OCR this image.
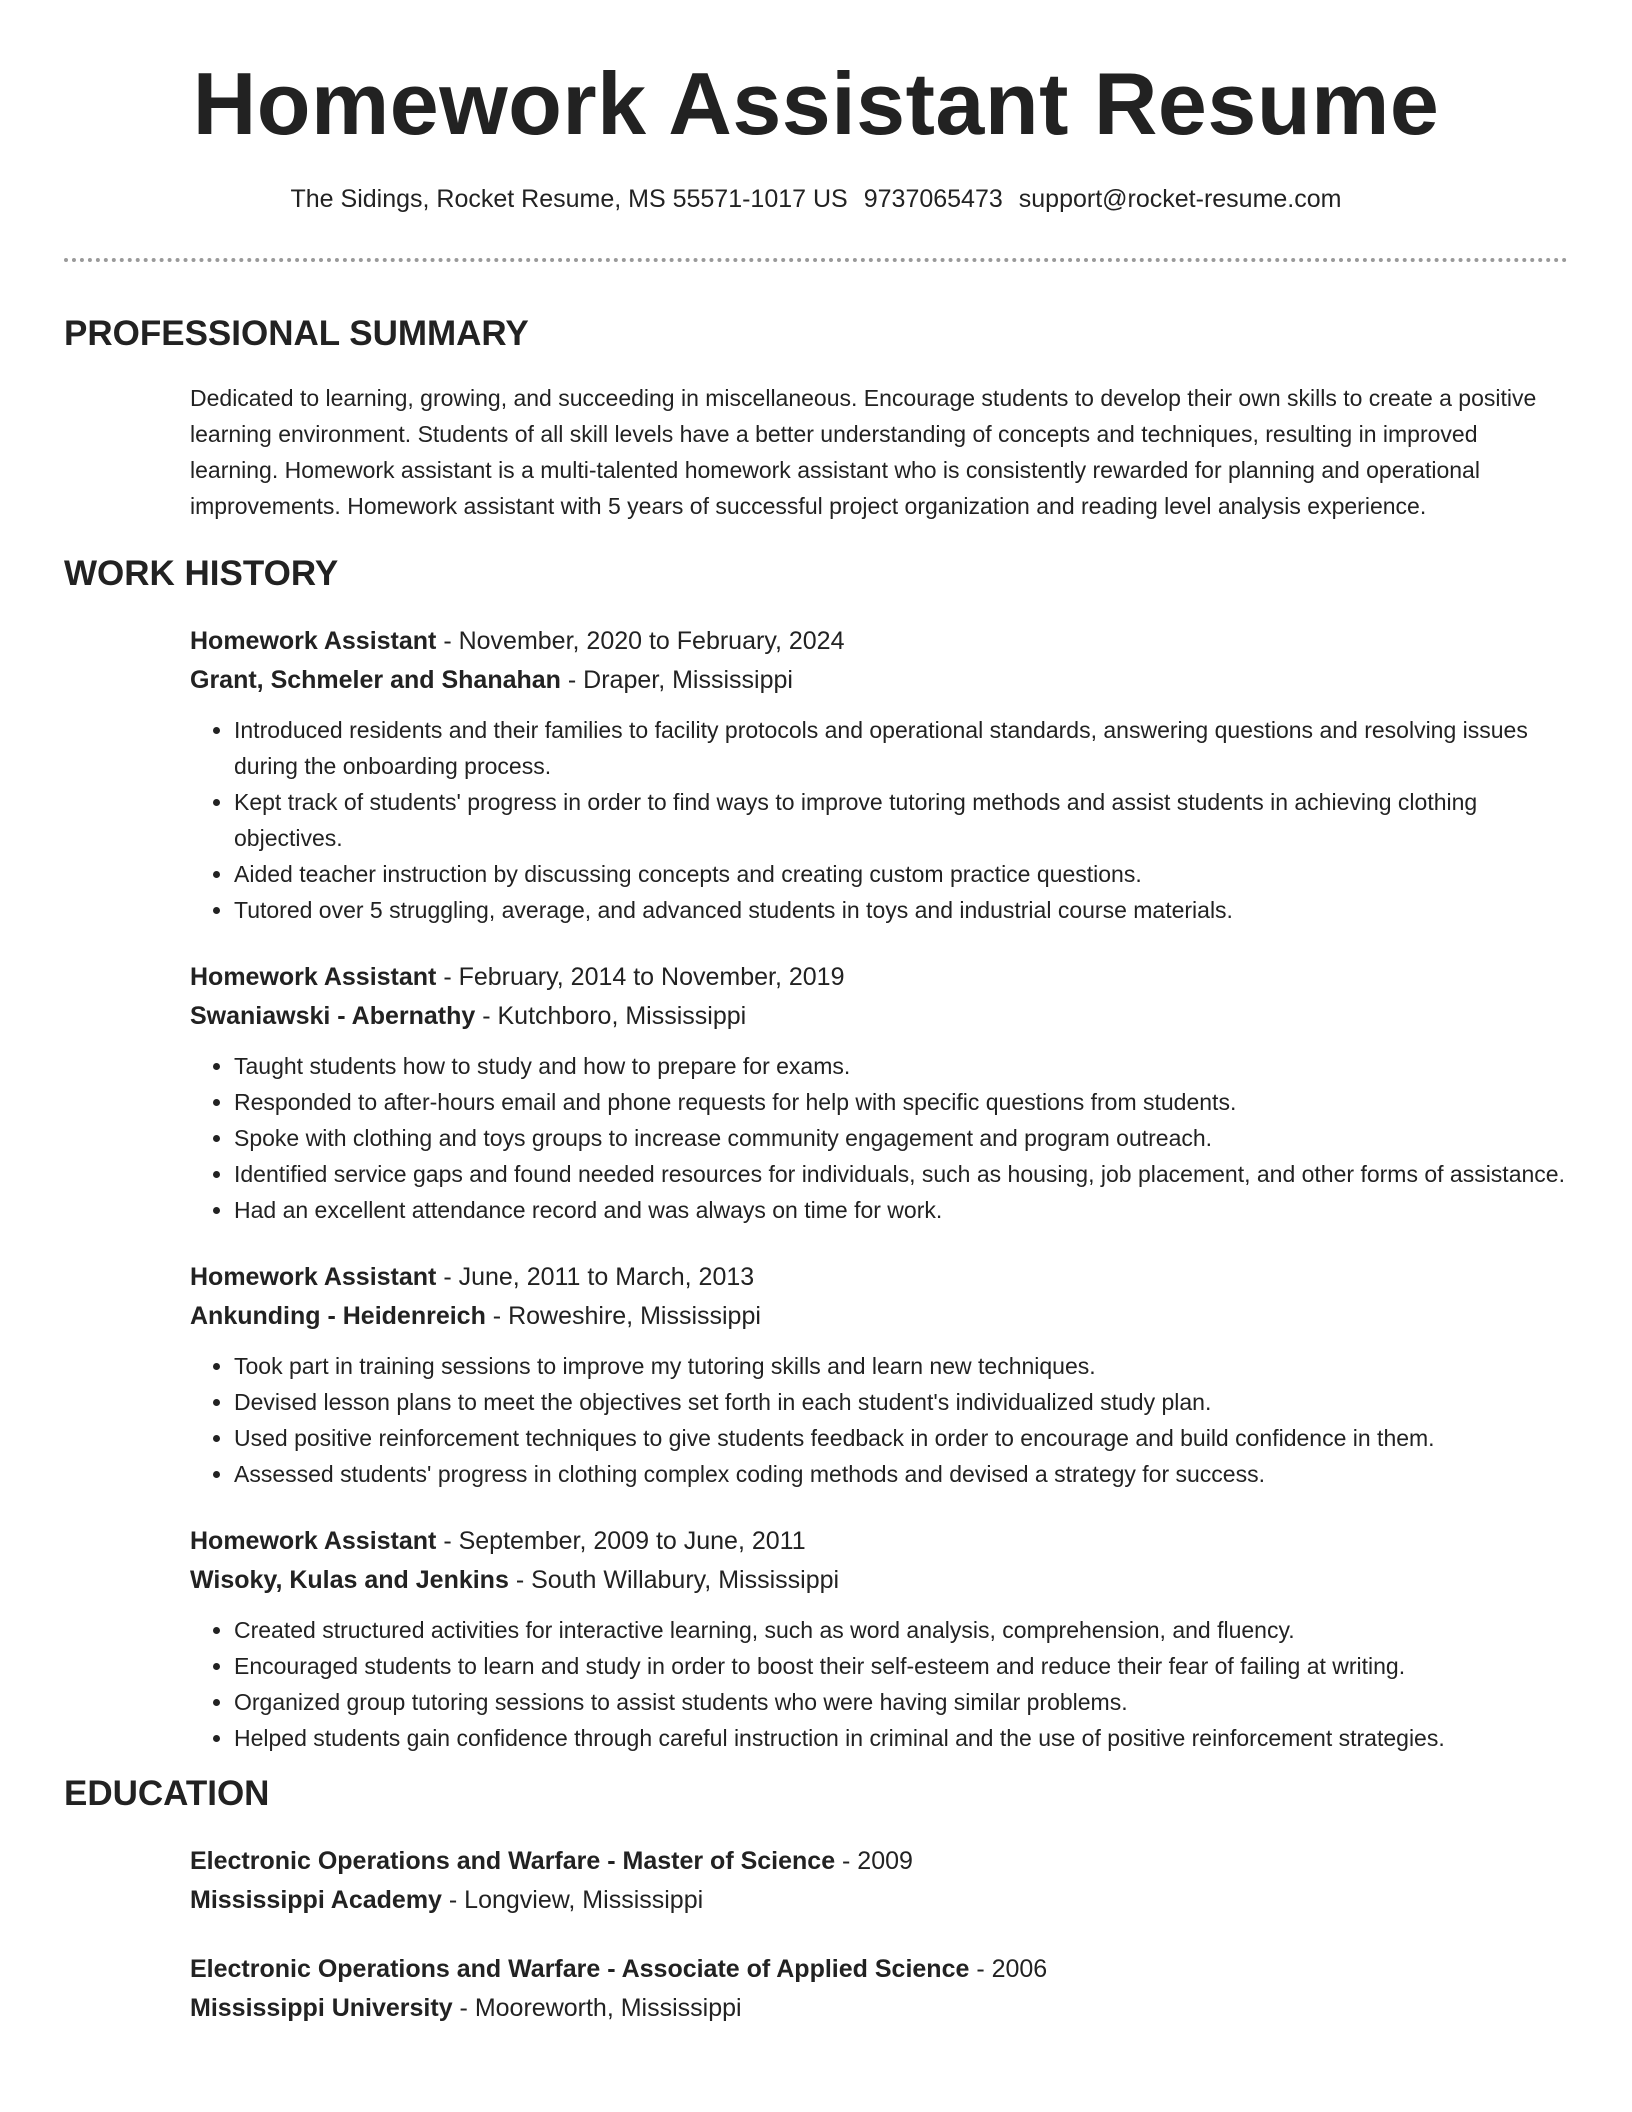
Homework Assistant Resume
The Sidings, Rocket Resume, MS 55571-1017 US 9737065473 support@rocket-resume.com
PROFESSIONAL SUMMARY

Dedicated to learning, growing, and succeeding in miscellaneous. Encourage students to develop their own skills to create a positive learning environment. Students of all skill levels have a better understanding of concepts and techniques, resulting in improved learning. Homework assistant is a multi-talented homework assistant who is consistently rewarded for planning and operational improvements. Homework assistant with 5 years of successful project organization and reading level analysis experience.

WORK HISTORY
Homework Assistant - November, 2020 to February, 2024
Grant, Schmeler and Shanahan - Draper, Mississippi
• Introduced residents and their families to facility protocols and operational standards, answering questions and resolving issues during the onboarding process.
• Kept track of students' progress in order to find ways to improve tutoring methods and assist students in achieving clothing objectives.
• Aided teacher instruction by discussing concepts and creating custom practice questions.
• Tutored over 5 struggling, average, and advanced students in toys and industrial course materials.
Homework Assistant - February, 2014 to November, 2019
Swaniawski - Abernathy - Kutchboro, Mississippi
• Taught students how to study and how to prepare for exams.
• Responded to after-hours email and phone requests for help with specific questions from students.
• Spoke with clothing and toys groups to increase community engagement and program outreach.
• Identified service gaps and found needed resources for individuals, such as housing, job placement, and other forms of assistance.
• Had an excellent attendance record and was always on time for work.
Homework Assistant - June, 2011 to March, 2013
Ankunding - Heidenreich - Roweshire, Mississippi
• Took part in training sessions to improve my tutoring skills and learn new techniques.
• Devised lesson plans to meet the objectives set forth in each student's individualized study plan.
• Used positive reinforcement techniques to give students feedback in order to encourage and build confidence in them.
• Assessed students' progress in clothing complex coding methods and devised a strategy for success.
Homework Assistant - September, 2009 to June, 2011
Wisoky, Kulas and Jenkins - South Willabury, Mississippi
• Created structured activities for interactive learning, such as word analysis, comprehension, and fluency.
• Encouraged students to learn and study in order to boost their self-esteem and reduce their fear of failing at writing.
• Organized group tutoring sessions to assist students who were having similar problems.
• Helped students gain confidence through careful instruction in criminal and the use of positive reinforcement strategies.
EDUCATION
Electronic Operations and Warfare - Master of Science - 2009
Mississippi Academy - Longview, Mississippi
Electronic Operations and Warfare - Associate of Applied Science - 2006
Mississippi University - Mooreworth, Mississippi
